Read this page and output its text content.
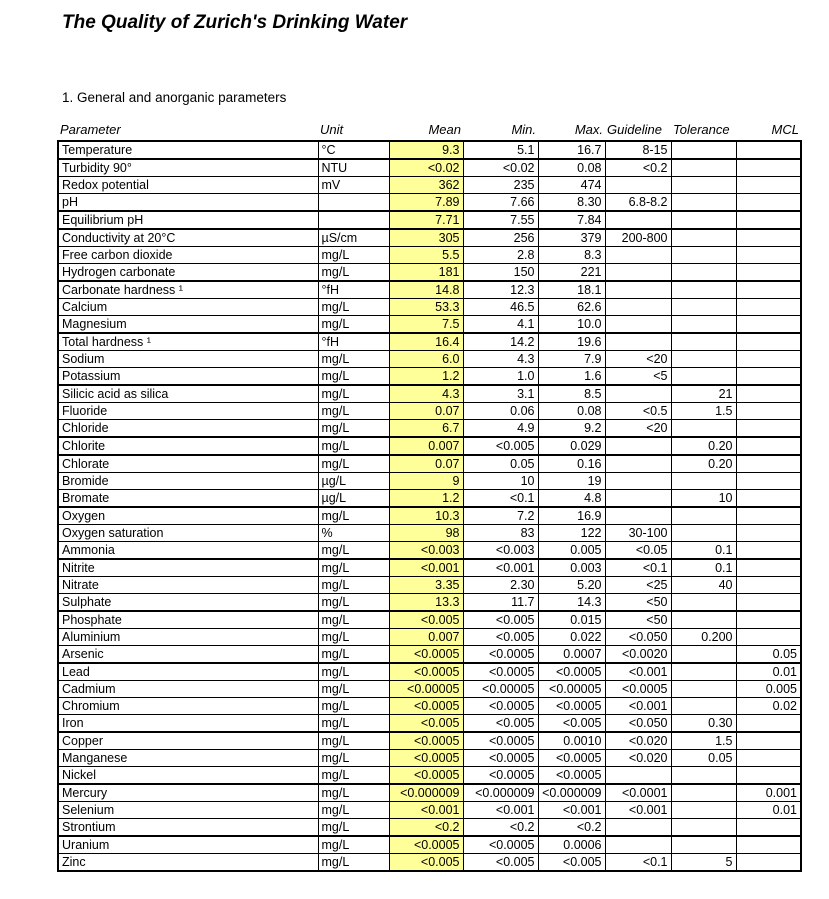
The Quality of Zurich's Drinking Water
1. General and anorganic parameters
Parameter	Unit	Mean	Min.	Max.	Guideline	Tolerance	MCL
Temperature	°C	9.3	5.1	16.7	8-15		
Turbidity 90°	NTU	<0.02	<0.02	0.08	<0.2		
Redox potential	mV	362	235	474			
pH		7.89	7.66	8.30	6.8-8.2		
Equilibrium pH		7.71	7.55	7.84			
Conductivity at 20°C	µS/cm	305	256	379	200-800		
Free carbon dioxide	mg/L	5.5	2.8	8.3			
Hydrogen carbonate	mg/L	181	150	221			
Carbonate hardness ¹	°fH	14.8	12.3	18.1			
Calcium	mg/L	53.3	46.5	62.6			
Magnesium	mg/L	7.5	4.1	10.0			
Total hardness ¹	°fH	16.4	14.2	19.6			
Sodium	mg/L	6.0	4.3	7.9	<20		
Potassium	mg/L	1.2	1.0	1.6	<5		
Silicic acid as silica	mg/L	4.3	3.1	8.5		21	
Fluoride	mg/L	0.07	0.06	0.08	<0.5	1.5	
Chloride	mg/L	6.7	4.9	9.2	<20		
Chlorite	mg/L	0.007	<0.005	0.029		0.20	
Chlorate	mg/L	0.07	0.05	0.16		0.20	
Bromide	µg/L	9	10	19			
Bromate	µg/L	1.2	<0.1	4.8		10	
Oxygen	mg/L	10.3	7.2	16.9			
Oxygen saturation	%	98	83	122	30-100		
Ammonia	mg/L	<0.003	<0.003	0.005	<0.05	0.1	
Nitrite	mg/L	<0.001	<0.001	0.003	<0.1	0.1	
Nitrate	mg/L	3.35	2.30	5.20	<25	40	
Sulphate	mg/L	13.3	11.7	14.3	<50		
Phosphate	mg/L	<0.005	<0.005	0.015	<50		
Aluminium	mg/L	0.007	<0.005	0.022	<0.050	0.200	
Arsenic	mg/L	<0.0005	<0.0005	0.0007	<0.0020		0.05
Lead	mg/L	<0.0005	<0.0005	<0.0005	<0.001		0.01
Cadmium	mg/L	<0.00005	<0.00005	<0.00005	<0.0005		0.005
Chromium	mg/L	<0.0005	<0.0005	<0.0005	<0.001		0.02
Iron	mg/L	<0.005	<0.005	<0.005	<0.050	0.30	
Copper	mg/L	<0.0005	<0.0005	0.0010	<0.020	1.5	
Manganese	mg/L	<0.0005	<0.0005	<0.0005	<0.020	0.05	
Nickel	mg/L	<0.0005	<0.0005	<0.0005			
Mercury	mg/L	<0.000009	<0.000009	<0.000009	<0.0001		0.001
Selenium	mg/L	<0.001	<0.001	<0.001	<0.001		0.01
Strontium	mg/L	<0.2	<0.2	<0.2			
Uranium	mg/L	<0.0005	<0.0005	0.0006			
Zinc	mg/L	<0.005	<0.005	<0.005	<0.1	5	
